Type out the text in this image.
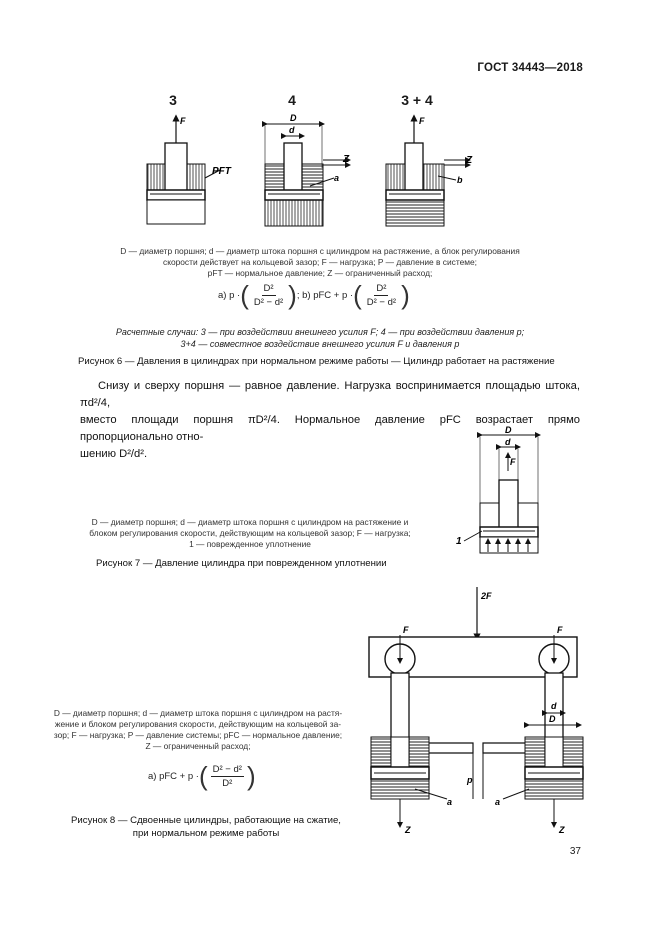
ГОСТ 34443—2018
3	4	3 + 4
F
PFT
D
d
Z
a
F
Z
b
D — диаметр поршня; d — диаметр штока поршня с цилиндром на растяжение, а блок регулирования
скорости действует на кольцевой зазор; F — нагрузка; P — давление в системе;
pFT — нормальное давление; Z — ограниченный расход;
а) p · ( $\frac{\text{D²}}{\text{D² − d²}}$ ) ; b) pFC + p · ( $\frac{\text{D²}}{\text{D² − d²}}$ )
Расчетные случаи: 3 — при воздействии внешнего усилия F; 4 — при воздействии давления p;
3+4 — совместное воздействие внешнего усилия F и давления p
Рисунок 6 — Давления в цилиндрах при нормальном режиме работы — Цилиндр работает на растяжение
Снизу и сверху поршня — равное давление. Нагрузка воспринимается площадью штока, πd²/4,
вместо площади поршня πD²/4. Нормальное давление pFC возрастает прямо пропорционально отно-
шению D²/d².
D
d
F
1
D — диаметр поршня; d — диаметр штока поршня с цилиндром на растяжение и
блоком регулирования скорости, действующим на кольцевой зазор; F — нагрузка;
1 — поврежденное уплотнение
Рисунок 7 — Давление цилиндра при поврежденном уплотнении
2F
F	F
d
D
p
a	a
Z	Z
D — диаметр поршня; d — диаметр штока поршня с цилиндром на растя-
жение и блоком регулирования скорости, действующим на кольцевой за-
зор; F — нагрузка; P — давление системы; pFC — нормальное давление;
Z — ограниченный расход;
а) pFC + p · ( $\frac{\text{D² − d²}}{\text{D²}}$ )
Рисунок 8 — Сдвоенные цилиндры, работающие на сжатие,
при нормальном режиме работы
37
